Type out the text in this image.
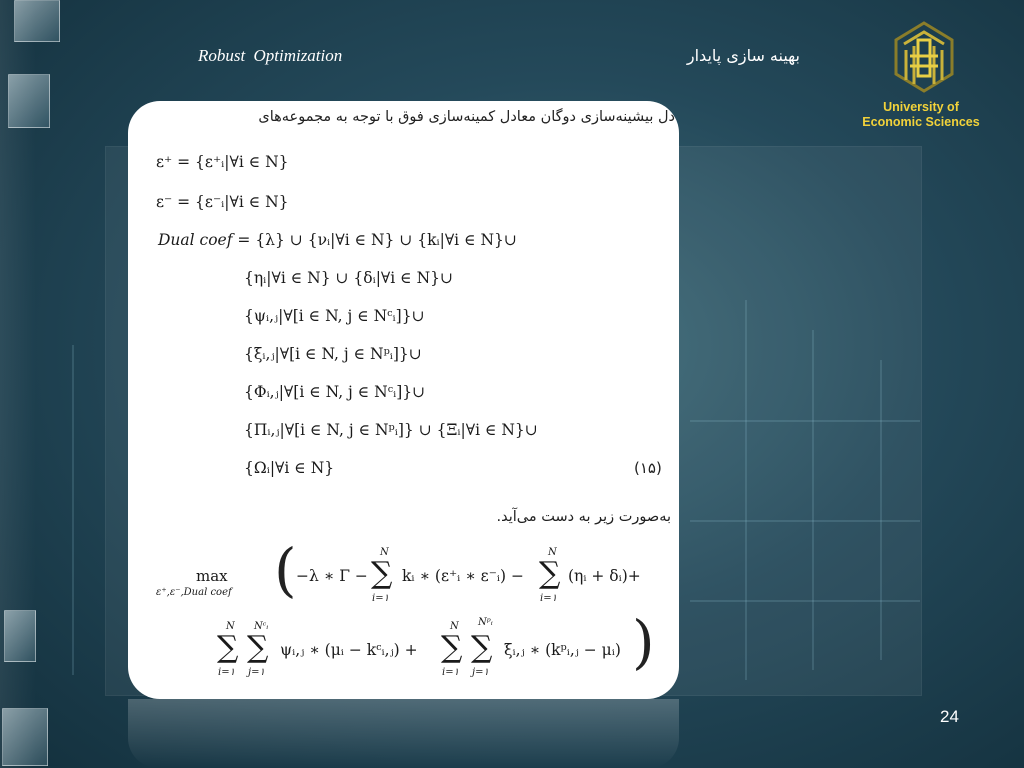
Robust Optimization	بهینه سازی پایدار
University of
Economic Sciences
دل بیشینه‌سازی دوگان معادل کمینه‌سازی فوق با توجه به مجموعه‌های
ε⁺ = {ε⁺ᵢ|∀i ∈ N}
ε⁻ = {ε⁻ᵢ|∀i ∈ N}
Dual coef = {λ} ∪ {νᵢ|∀i ∈ N} ∪ {kᵢ|∀i ∈ N}∪
{ηᵢ|∀i ∈ N} ∪ {δᵢ|∀i ∈ N}∪
{ψᵢ,ⱼ|∀[i ∈ N, j ∈ Nᶜᵢ]}∪
{ξᵢ,ⱼ|∀[i ∈ N, j ∈ Nᵖᵢ]}∪
{Φᵢ,ⱼ|∀[i ∈ N, j ∈ Nᶜᵢ]}∪
{Πᵢ,ⱼ|∀[i ∈ N, j ∈ Nᵖᵢ]} ∪ {Ξᵢ|∀i ∈ N}∪
{Ωᵢ|∀i ∈ N}	(۱۵)
به‌صورت زیر به دست می‌آید.
max
ε⁺,ε⁻,Dual coef ( −λ ∗ Γ −
N
∑
i=۱
kᵢ ∗ (ε⁺ᵢ ∗ ε⁻ᵢ) −
N
∑
i=۱
(ηᵢ + δᵢ)+
N
∑
i=۱
Nᶜᵢ
∑
j=۱
ψᵢ,ⱼ ∗ (μᵢ − kᶜᵢ,ⱼ) +
N
∑
i=۱
Nᵖᵢ
∑
j=۱
ξᵢ,ⱼ ∗ (kᵖᵢ,ⱼ − μᵢ) )
24
